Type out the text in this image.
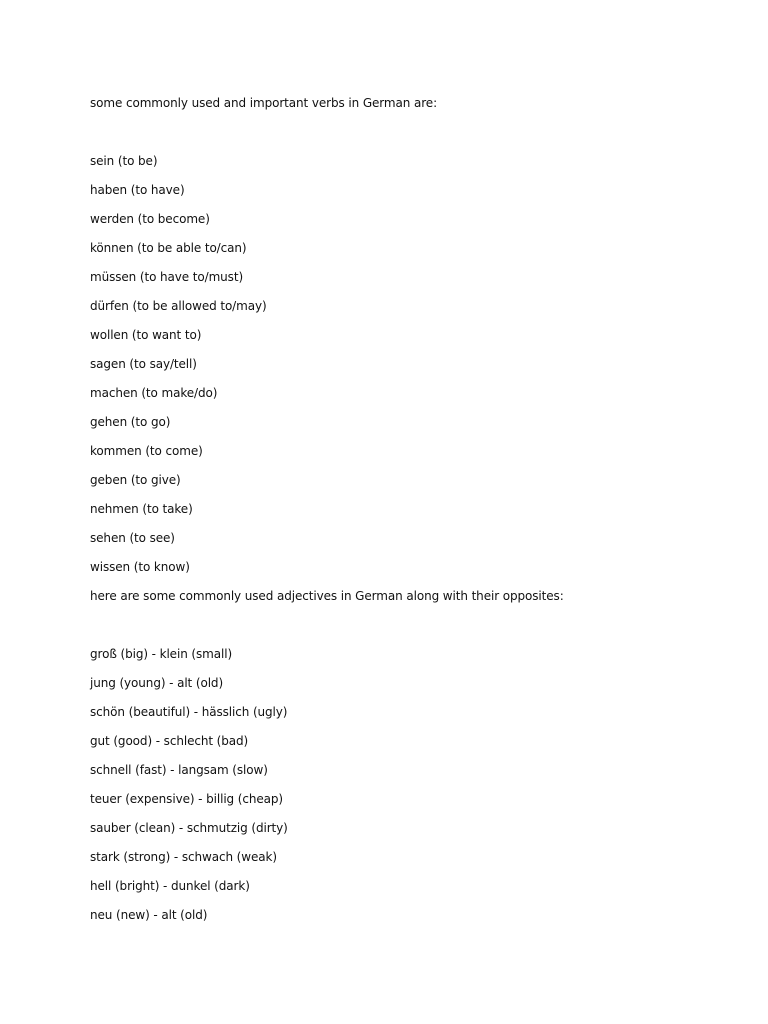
some commonly used and important verbs in German are:
sein (to be)
haben (to have)
werden (to become)
können (to be able to/can)
müssen (to have to/must)
dürfen (to be allowed to/may)
wollen (to want to)
sagen (to say/tell)
machen (to make/do)
gehen (to go)
kommen (to come)
geben (to give)
nehmen (to take)
sehen (to see)
wissen (to know)
here are some commonly used adjectives in German along with their opposites:
groß (big) - klein (small)
jung (young) - alt (old)
schön (beautiful) - hässlich (ugly)
gut (good) - schlecht (bad)
schnell (fast) - langsam (slow)
teuer (expensive) - billig (cheap)
sauber (clean) - schmutzig (dirty)
stark (strong) - schwach (weak)
hell (bright) - dunkel (dark)
neu (new) - alt (old)
